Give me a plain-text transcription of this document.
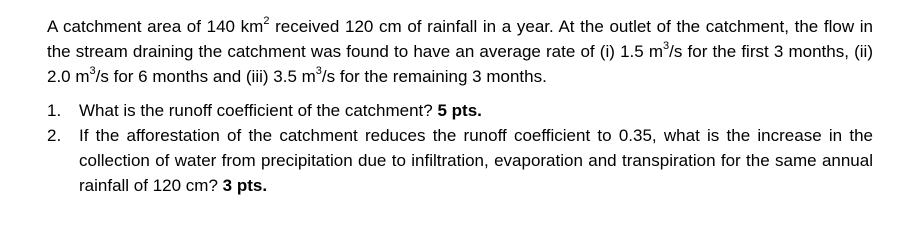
A catchment area of 140 $km^2$ received 120 cm of rainfall in a year. At the outlet of the catchment, the flow in the stream draining the catchment was found to have an average rate of (i) 1.5 $m^3/s$ for the first 3 months, (ii) 2.0 $m^3/s$ for 6 months and (iii) 3.5 $m^3/s$ for the remaining 3 months.

1.	What is the runoff coefficient of the catchment? 5 pts.
2.	If the afforestation of the catchment reduces the runoff coefficient to 0.35, what is the increase in the collection of water from precipitation due to infiltration, evaporation and transpiration for the same annual rainfall of 120 cm? 3 pts.
